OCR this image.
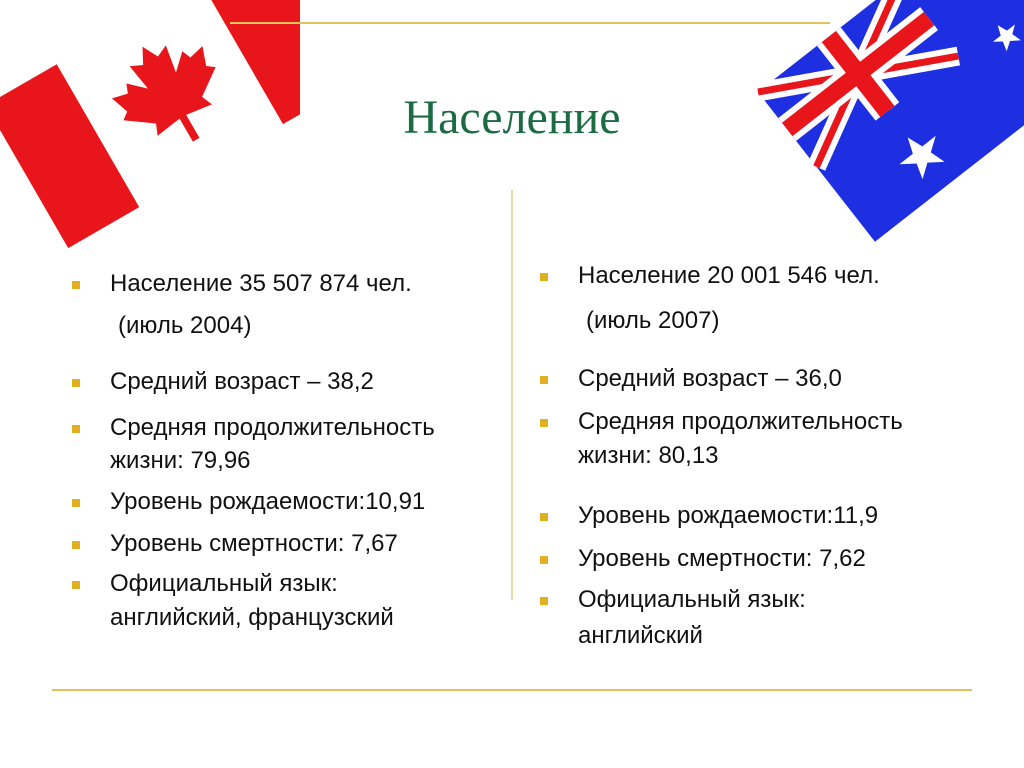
Население
Население 35 507 874 чел.
(июль 2004)
Средний возраст – 38,2
Средняя продолжительность
жизни: 79,96
Уровень рождаемости:10,91
Уровень смертности: 7,67
Официальный язык:
английский, французский
Население 20 001 546 чел.
(июль 2007)
Средний возраст – 36,0
Средняя продолжительность
жизни: 80,13
Уровень рождаемости:11,9
Уровень смертности: 7,62
Официальный язык:
английский
